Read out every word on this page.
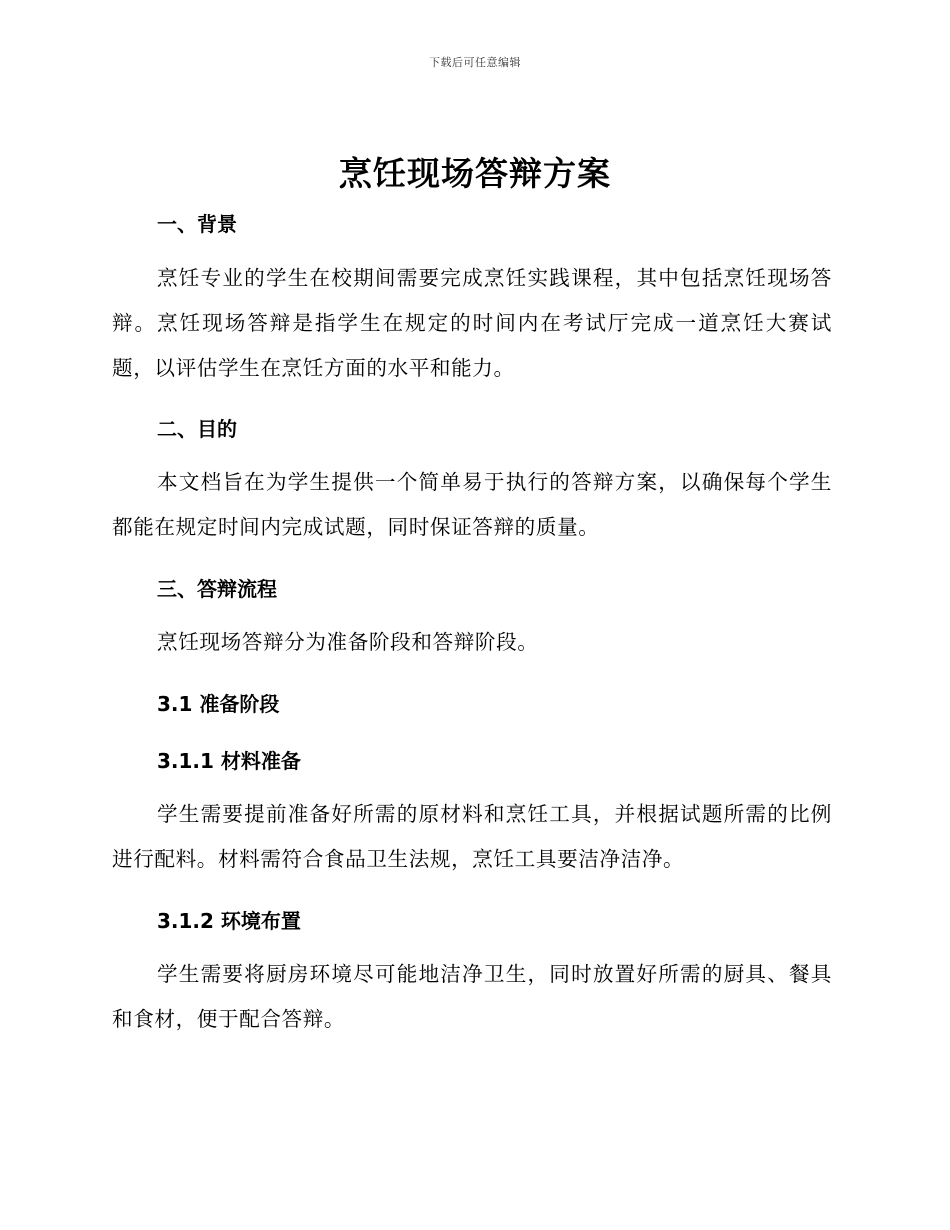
下载后可任意编辑
烹饪现场答辩方案
一、背景

烹饪专业的学生在校期间需要完成烹饪实践课程，其中包括烹饪现场答辩。烹饪现场答辩是指学生在规定的时间内在考试厅完成一道烹饪大赛试题，以评估学生在烹饪方面的水平和能力。

二、目的

本文档旨在为学生提供一个简单易于执行的答辩方案，以确保每个学生都能在规定时间内完成试题，同时保证答辩的质量。

三、答辩流程

烹饪现场答辩分为准备阶段和答辩阶段。

3.1 准备阶段
3.1.1 材料准备

学生需要提前准备好所需的原材料和烹饪工具，并根据试题所需的比例进行配料。材料需符合食品卫生法规，烹饪工具要洁净洁净。

3.1.2 环境布置

学生需要将厨房环境尽可能地洁净卫生，同时放置好所需的厨具、餐具和食材，便于配合答辩。
